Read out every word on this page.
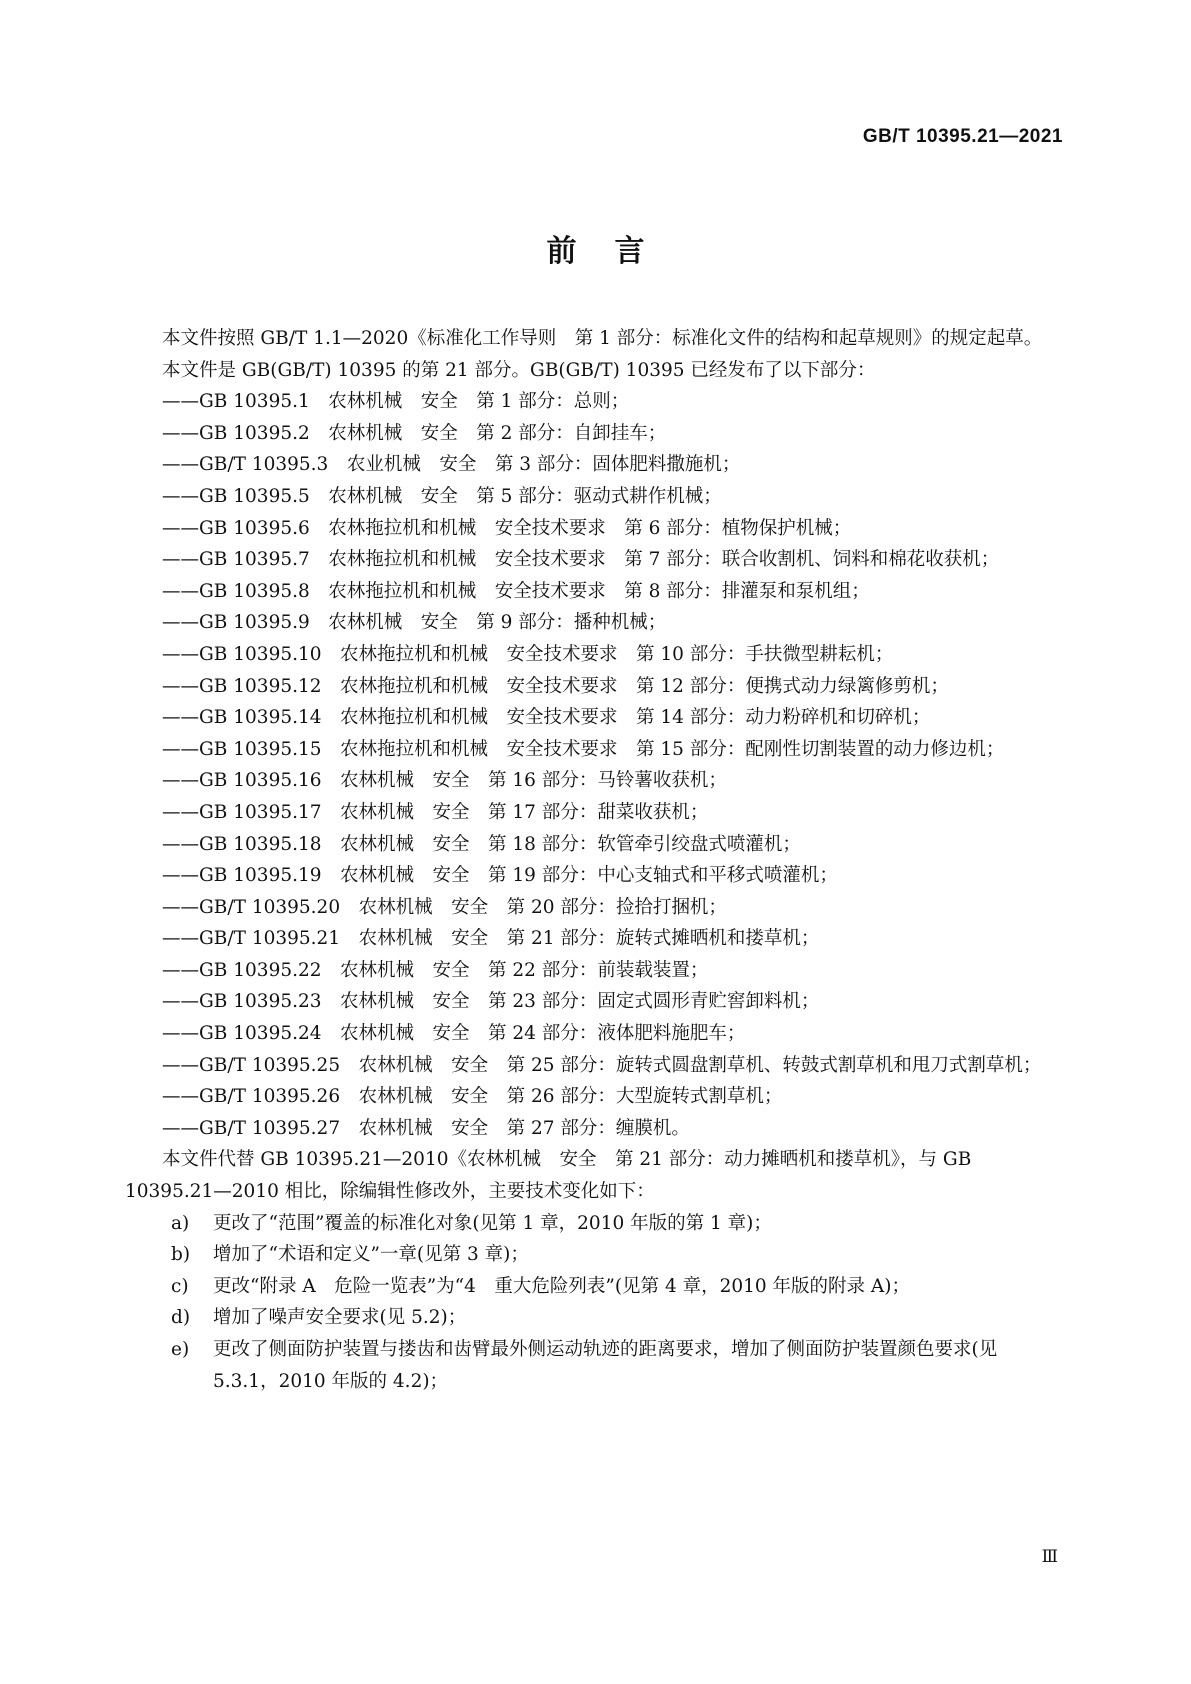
GB/T 10395.21—2021

前言

本文件按照 GB/T 1.1—2020《标准化工作导则　第 1 部分：标准化文件的结构和起草规则》的规定起草。

本文件是 GB(GB/T) 10395 的第 21 部分。GB(GB/T) 10395 已经发布了以下部分：

——GB 10395.1　农林机械　安全　第 1 部分：总则；

——GB 10395.2　农林机械　安全　第 2 部分：自卸挂车；

——GB/T 10395.3　农业机械　安全　第 3 部分：固体肥料撒施机；

——GB 10395.5　农林机械　安全　第 5 部分：驱动式耕作机械；

——GB 10395.6　农林拖拉机和机械　安全技术要求　第 6 部分：植物保护机械；

——GB 10395.7　农林拖拉机和机械　安全技术要求　第 7 部分：联合收割机、饲料和棉花收获机；

——GB 10395.8　农林拖拉机和机械　安全技术要求　第 8 部分：排灌泵和泵机组；

——GB 10395.9　农林机械　安全　第 9 部分：播种机械；

——GB 10395.10　农林拖拉机和机械　安全技术要求　第 10 部分：手扶微型耕耘机；

——GB 10395.12　农林拖拉机和机械　安全技术要求　第 12 部分：便携式动力绿篱修剪机；

——GB 10395.14　农林拖拉机和机械　安全技术要求　第 14 部分：动力粉碎机和切碎机；

——GB 10395.15　农林拖拉机和机械　安全技术要求　第 15 部分：配刚性切割装置的动力修边机；

——GB 10395.16　农林机械　安全　第 16 部分：马铃薯收获机；

——GB 10395.17　农林机械　安全　第 17 部分：甜菜收获机；

——GB 10395.18　农林机械　安全　第 18 部分：软管牵引绞盘式喷灌机；

——GB 10395.19　农林机械　安全　第 19 部分：中心支轴式和平移式喷灌机；

——GB/T 10395.20　农林机械　安全　第 20 部分：捡拾打捆机；

——GB/T 10395.21　农林机械　安全　第 21 部分：旋转式摊晒机和搂草机；

——GB 10395.22　农林机械　安全　第 22 部分：前装载装置；

——GB 10395.23　农林机械　安全　第 23 部分：固定式圆形青贮窖卸料机；

——GB 10395.24　农林机械　安全　第 24 部分：液体肥料施肥车；

——GB/T 10395.25　农林机械　安全　第 25 部分：旋转式圆盘割草机、转鼓式割草机和甩刀式割草机；

——GB/T 10395.26　农林机械　安全　第 26 部分：大型旋转式割草机；

——GB/T 10395.27　农林机械　安全　第 27 部分：缠膜机。

本文件代替 GB 10395.21—2010《农林机械　安全　第 21 部分：动力摊晒机和搂草机》，与 GB 10395.21—2010 相比，除编辑性修改外，主要技术变化如下：

a)	更改了“范围”覆盖的标准化对象(见第 1 章，2010 年版的第 1 章)；

b)	增加了“术语和定义”一章(见第 3 章)；

c)	更改“附录 A　危险一览表”为“4　重大危险列表”(见第 4 章，2010 年版的附录 A)；

d)	增加了噪声安全要求(见 5.2)；

e)	更改了侧面防护装置与搂齿和齿臂最外侧运动轨迹的距离要求，增加了侧面防护装置颜色要求(见 5.3.1，2010 年版的 4.2)；

Ⅲ
